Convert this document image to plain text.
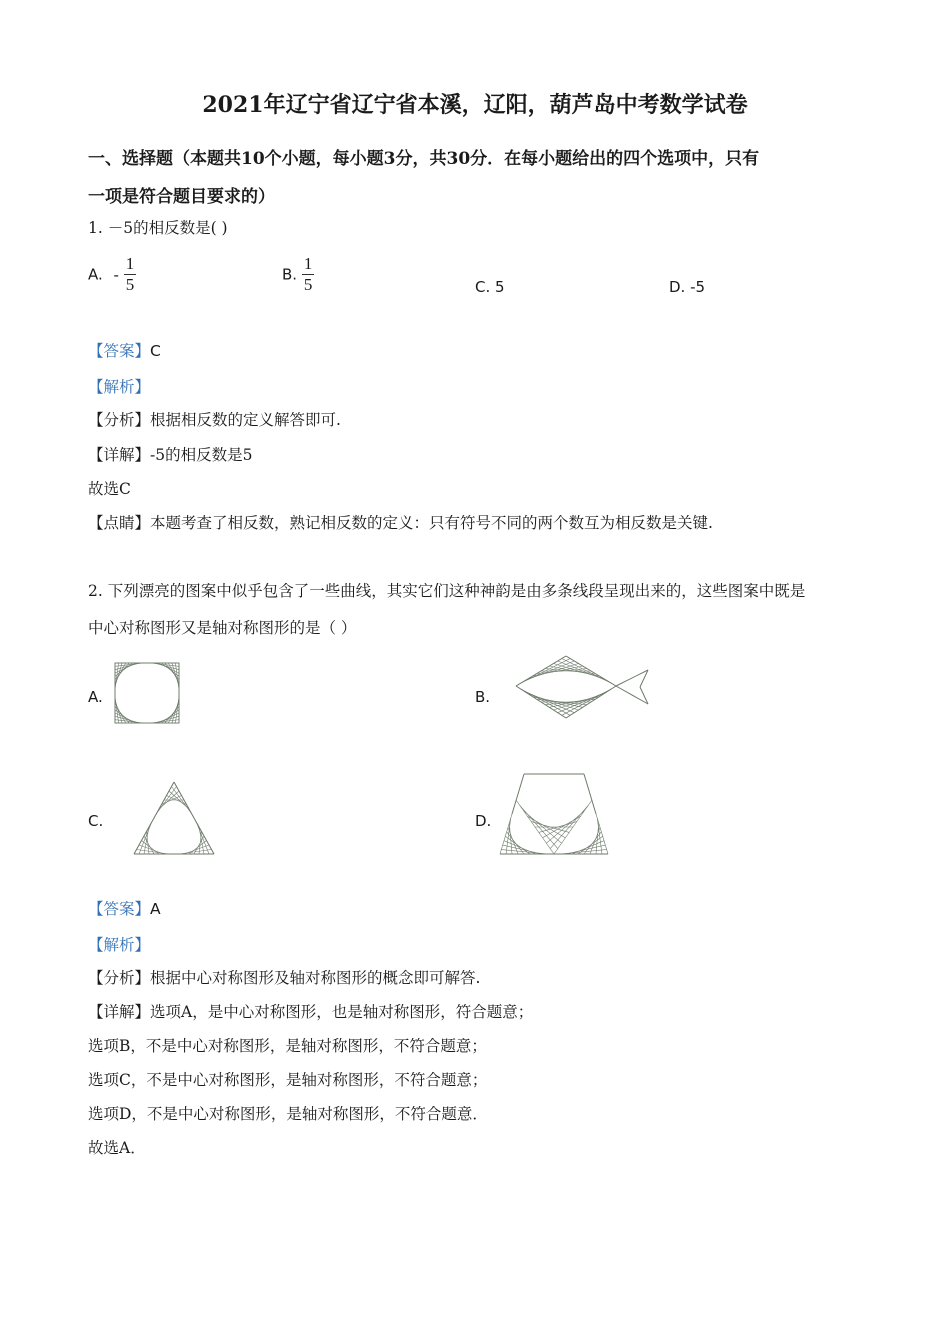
2021年辽宁省辽宁省本溪，辽阳，葫芦岛中考数学试卷
一、选择题（本题共10个小题，每小题3分，共30分．在每小题给出的四个选项中，只有
一项是符合题目要求的）
1. －5的相反数是( )
A. - $\frac{1}{5}$	B. $\frac{1}{5}$	C. 5	D. -5
【答案】C
【解析】
【分析】根据相反数的定义解答即可.
【详解】-5的相反数是5
故选C
【点睛】本题考查了相反数，熟记相反数的定义：只有符号不同的两个数互为相反数是关键.
2. 下列漂亮的图案中似乎包含了一些曲线，其实它们这种神韵是由多条线段呈现出来的，这些图案中既是
中心对称图形又是轴对称图形的是（ ）
A.	B.
C.	D.
【答案】A
【解析】
【分析】根据中心对称图形及轴对称图形的概念即可解答.
【详解】选项A，是中心对称图形，也是轴对称图形，符合题意；
选项B，不是中心对称图形，是轴对称图形，不符合题意；
选项C，不是中心对称图形，是轴对称图形，不符合题意；
选项D，不是中心对称图形，是轴对称图形，不符合题意．
故选A．
